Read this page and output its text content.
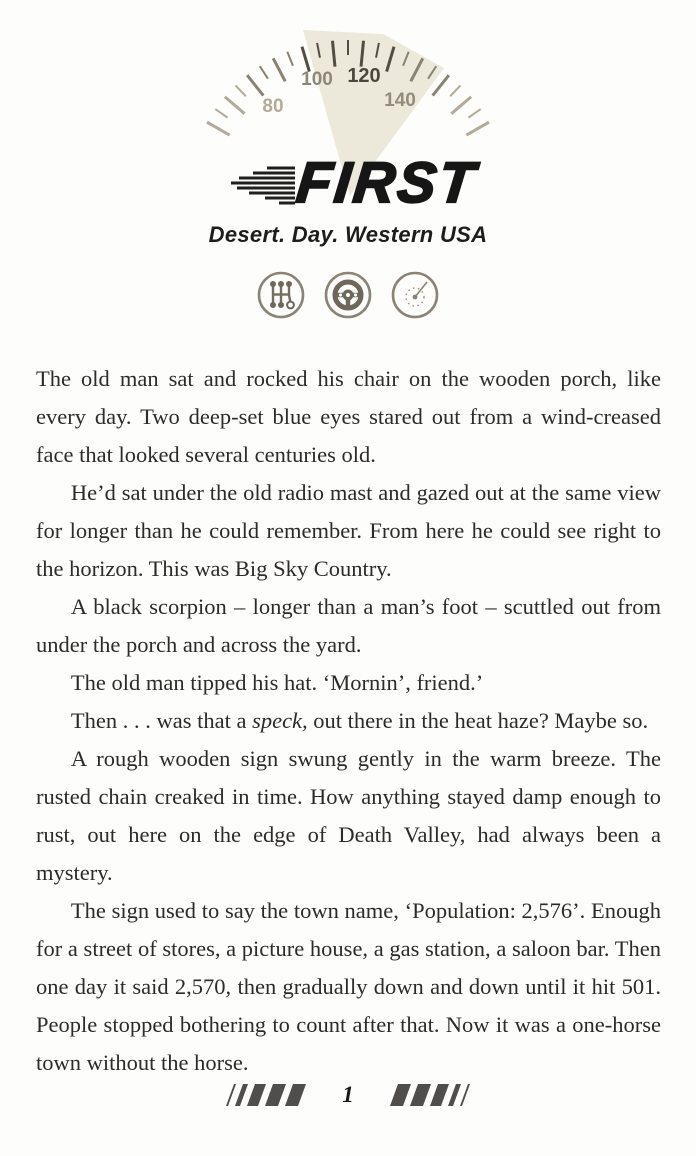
80
100 120
140
FIRST
Desert. Day. Western USA

The old man sat and rocked his chair on the wooden porch, like every day. Two deep-set blue eyes stared out from a wind-creased face that looked several centuries old.

He’d sat under the old radio mast and gazed out at the same view for longer than he could remember. From here he could see right to the horizon. This was Big Sky Country.

A black scorpion – longer than a man’s foot – scuttled out from under the porch and across the yard.

The old man tipped his hat. ‘Mornin’, friend.’

Then . . . was that a speck, out there in the heat haze? Maybe so.

A rough wooden sign swung gently in the warm breeze. The rusted chain creaked in time. How anything stayed damp enough to rust, out here on the edge of Death Valley, had always been a mystery.

The sign used to say the town name, ‘Population: 2,576’. Enough for a street of stores, a picture house, a gas station, a saloon bar. Then one day it said 2,570, then gradually down and down until it hit 501. People stopped bothering to count after that. Now it was a one-horse town without the horse.

1
